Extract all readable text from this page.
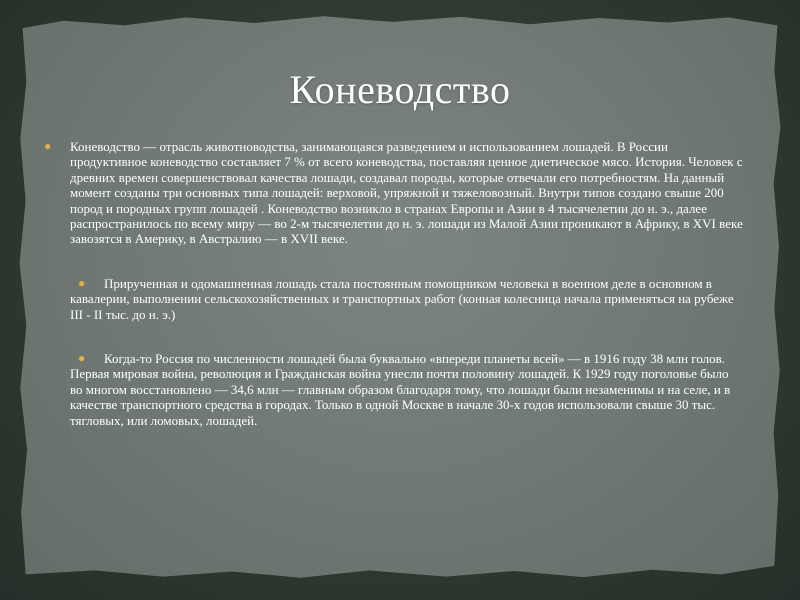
Коневодство

● Коневодство — отрасль животноводства, занимающаяся разведением и использованием лошадей. В России продуктивное коневодство составляет 7 % от всего коневодства, поставляя ценное диетическое мясо. История. Человек с древних времен совершенствовал качества лошади, создавал породы, которые отвечали его потребностям. На данный момент созданы три основных типа лошадей: верховой, упряжной и тяжеловозный. Внутри типов создано свыше 200 пород и породных групп лошадей . Коневодство возникло в странах Европы и Азии в 4 тысячелетии до н. э., далее распространилось по всему миру — во 2-м тысячелетии до н. э. лошади из Малой Азии проникают в Африку, в XVI веке завозятся в Америку, в Австралию — в XVII веке.

● Прирученная и одомашненная лошадь стала постоянным помощником человека в военном деле в основном в кавалерии, выполнении сельскохозяйственных и транспортных работ (конная колесница начала применяться на рубеже III - II тыс. до н. э.)

● Когда-то Россия по численности лошадей была буквально «впереди планеты всей» — в 1916 году 38 млн голов. Первая мировая война, революция и Гражданская война унесли почти половину лошадей. К 1929 году поголовье было во многом восстановлено — 34,6 млн — главным образом благодаря тому, что лошади были незаменимы и на селе, и в качестве транспортного средства в городах. Только в одной Москве в начале 30-х годов использовали свыше 30 тыс. тягловых, или ломовых, лошадей.
